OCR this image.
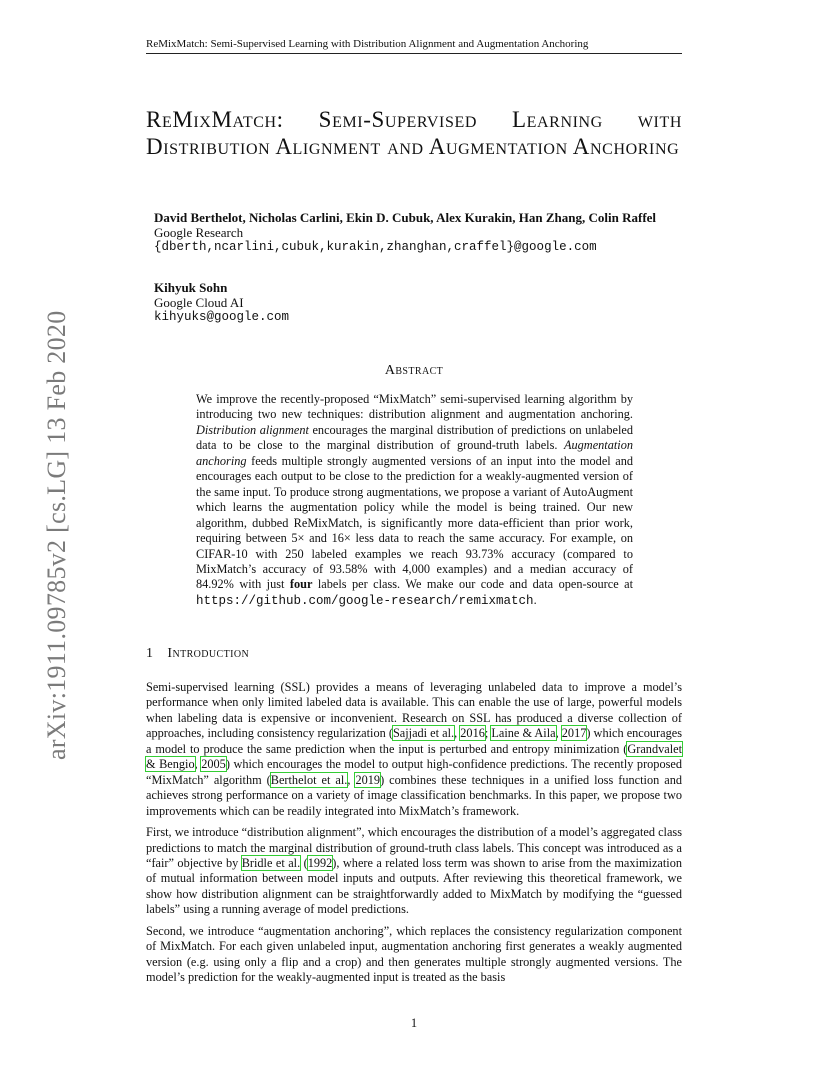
ReMixMatch: Semi-Supervised Learning with Distribution Alignment and Augmentation Anchoring
arXiv:1911.09785v2 [cs.LG] 13 Feb 2020
ReMixMatch: Semi-Supervised Learning with Distribution Alignment and Augmentation Anchoring
David Berthelot, Nicholas Carlini, Ekin D. Cubuk, Alex Kurakin, Han Zhang, Colin Raffel
Google Research
{dberth,ncarlini,cubuk,kurakin,zhanghan,craffel}@google.com
Kihyuk Sohn
Google Cloud AI
kihyuks@google.com
Abstract

We improve the recently-proposed “MixMatch” semi-supervised learning algorithm by introducing two new techniques: distribution alignment and augmentation anchoring. Distribution alignment encourages the marginal distribution of predictions on unlabeled data to be close to the marginal distribution of ground-truth labels. Augmentation anchoring feeds multiple strongly augmented versions of an input into the model and encourages each output to be close to the prediction for a weakly-augmented version of the same input. To produce strong augmentations, we propose a variant of AutoAugment which learns the augmentation policy while the model is being trained. Our new algorithm, dubbed ReMixMatch, is significantly more data-efficient than prior work, requiring between 5× and 16× less data to reach the same accuracy. For example, on CIFAR-10 with 250 labeled examples we reach 93.73% accuracy (compared to MixMatch’s accuracy of 93.58% with 4,000 examples) and a median accuracy of 84.92% with just four labels per class. We make our code and data open-source at https://github.com/google-research/remixmatch.

1 Introduction

Semi-supervised learning (SSL) provides a means of leveraging unlabeled data to improve a model’s performance when only limited labeled data is available. This can enable the use of large, powerful models when labeling data is expensive or inconvenient. Research on SSL has produced a diverse collection of approaches, including consistency regularization (Sajjadi et al., 2016; Laine & Aila, 2017) which encourages a model to produce the same prediction when the input is perturbed and entropy minimization (Grandvalet & Bengio, 2005) which encourages the model to output high-confidence predictions. The recently proposed “MixMatch” algorithm (Berthelot et al., 2019) combines these techniques in a unified loss function and achieves strong performance on a variety of image classification benchmarks. In this paper, we propose two improvements which can be readily integrated into MixMatch’s framework.

First, we introduce “distribution alignment”, which encourages the distribution of a model’s aggregated class predictions to match the marginal distribution of ground-truth class labels. This concept was introduced as a “fair” objective by Bridle et al. (1992), where a related loss term was shown to arise from the maximization of mutual information between model inputs and outputs. After reviewing this theoretical framework, we show how distribution alignment can be straightforwardly added to MixMatch by modifying the “guessed labels” using a running average of model predictions.

Second, we introduce “augmentation anchoring”, which replaces the consistency regularization component of MixMatch. For each given unlabeled input, augmentation anchoring first generates a weakly augmented version (e.g. using only a flip and a crop) and then generates multiple strongly augmented versions. The model’s prediction for the weakly-augmented input is treated as the basis

1
